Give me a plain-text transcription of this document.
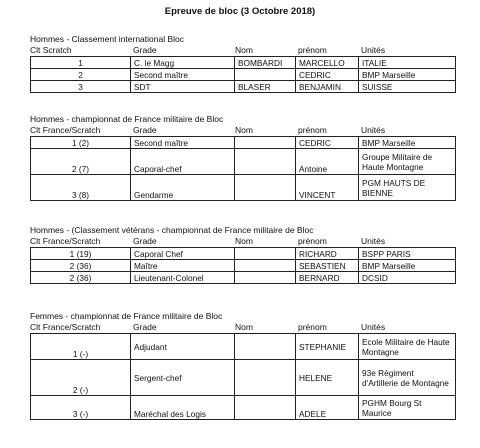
Epreuve de bloc (3 Octobre 2018)
Hommes - Classement international Bloc
Clt Scratch	Grade	Nom	prénom	Unités
1	C. le Magg	BOMBARDI	MARCELLO	ITALIE
2	Second maître		CEDRIC	BMP Marseille
3	SDT	BLASER	BENJAMIN	SUISSE
Hommes - championnat de France militaire de Bloc
Clt France/Scratch	Grade	Nom	prénom	Unités
1 (2)	Second maître		CEDRIC	BMP Marseille
2 (7)	Caporal-chef		Antoine	Groupe Militaire de Haute Montagne
3 (8)	Gendarme		VINCENT	PGM HAUTS DE BIENNE
Hommes - (Classement vétérans - championnat de France militaire de Bloc
Clt France/Scratch	Grade	Nom	prénom	Unités
1 (19)	Caporal Chef		RICHARD	BSPP PARIS
2 (36)	Maître		SEBASTIEN	BMP Marseille
2 (36)	Lieutenant-Colonel		BERNARD	DCSID
Femmes - championnat de France militaire de Bloc
Clt France/Scratch	Grade	Nom	prénom	Unités
1 (-)	Adjudant		STEPHANIE	Ecole Militaire de Haute Montagne
2 (-)	Sergent-chef		HELENE	93e Régiment d'Artillerie de Montagne
3 (-)	Maréchal des Logis		ADELE	PGHM Bourg St Maurice
